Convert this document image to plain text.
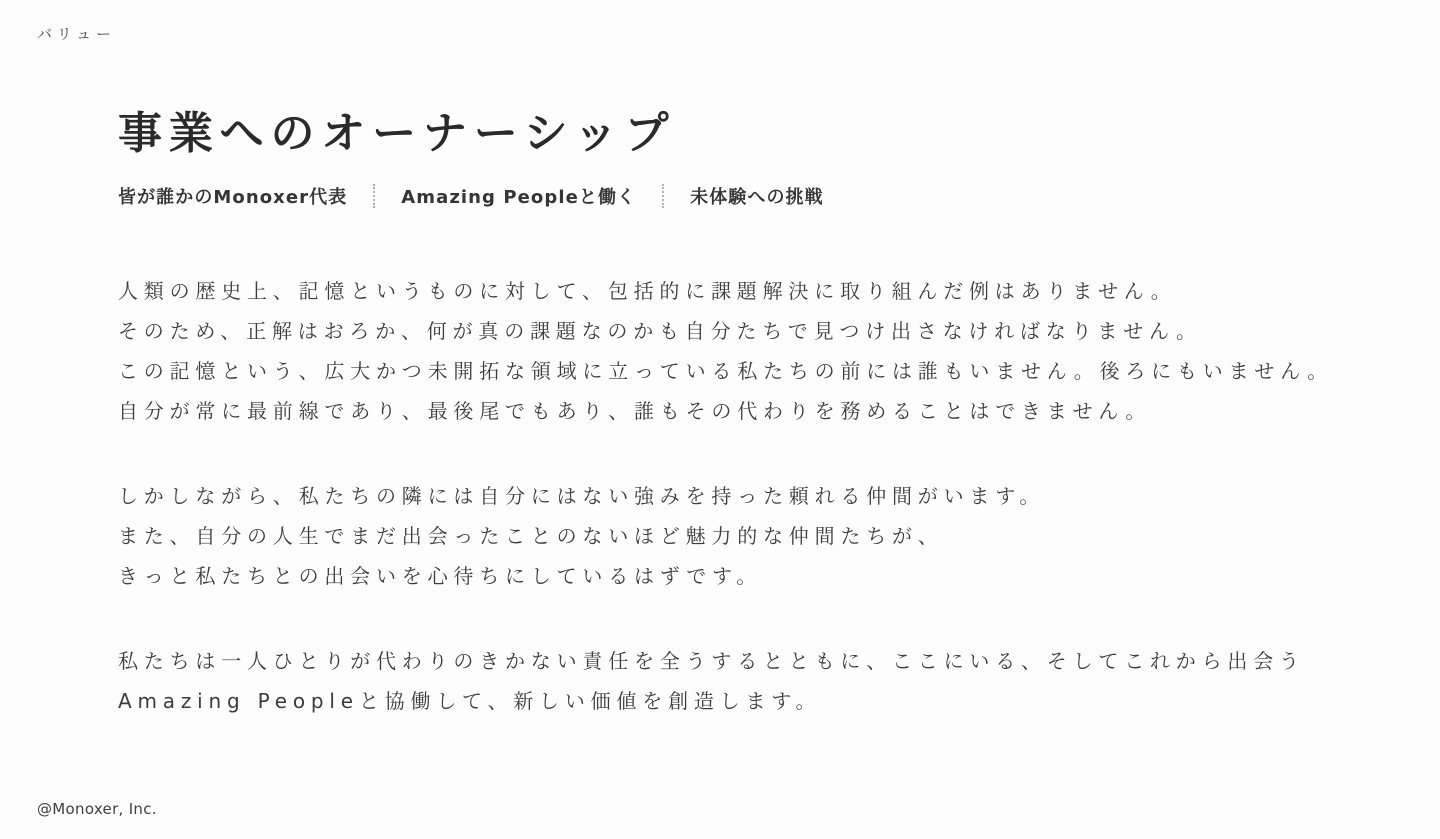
バリュー
事業へのオーナーシップ
皆が誰かのMonoxer代表	Amazing Peopleと働く	未体験への挑戦

人類の歴史上、記憶というものに対して、包括的に課題解決に取り組んだ例はありません。
そのため、正解はおろか、何が真の課題なのかも自分たちで見つけ出さなければなりません。
この記憶という、広大かつ未開拓な領域に立っている私たちの前には誰もいません。後ろにもいません。
自分が常に最前線であり、最後尾でもあり、誰もその代わりを務めることはできません。

しかしながら、私たちの隣には自分にはない強みを持った頼れる仲間がいます。
また、自分の人生でまだ出会ったことのないほど魅力的な仲間たちが、
きっと私たちとの出会いを心待ちにしているはずです。

私たちは一人ひとりが代わりのきかない責任を全うするとともに、ここにいる、そしてこれから出会う
Amazing Peopleと協働して、新しい価値を創造します。

@Monoxer, Inc.
